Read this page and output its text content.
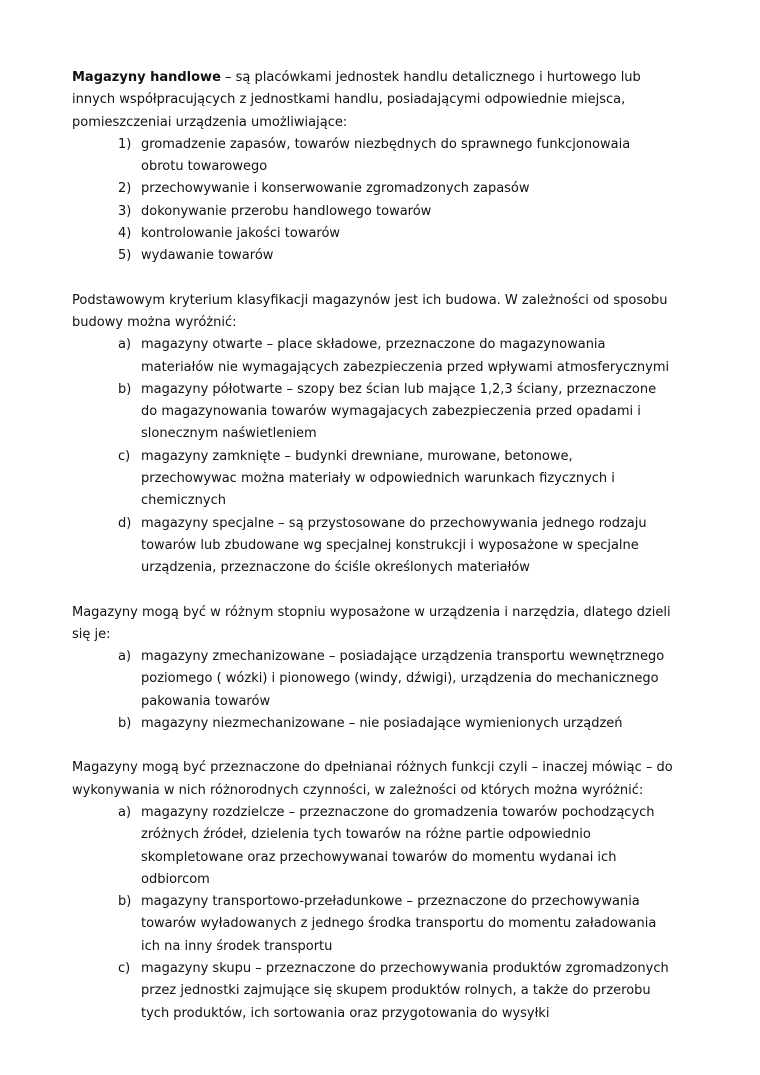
Magazyny handlowe – są placówkami jednostek handlu detalicznego i hurtowego lub innych współpracujących z jednostkami handlu, posiadającymi odpowiednie miejsca, pomieszczeniai urządzenia umożliwiające:

1) gromadzenie zapasów, towarów niezbędnych do sprawnego funkcjonowaia obrotu towarowego
2) przechowywanie i konserwowanie zgromadzonych zapasów
3) dokonywanie przerobu handlowego towarów
4) kontrolowanie jakości towarów
5) wydawanie towarów

Podstawowym kryterium klasyfikacji magazynów jest ich budowa. W zależności od sposobu budowy można wyróżnić:

a) magazyny otwarte – place składowe, przeznaczone do magazynowania materiałów nie wymagających zabezpieczenia przed wpływami atmosferycznymi
b) magazyny półotwarte – szopy bez ścian lub mające 1,2,3 ściany, przeznaczone do magazynowania towarów wymagajacych zabezpieczenia przed opadami i slonecznym naświetleniem
c) magazyny zamknięte – budynki drewniane, murowane, betonowe, przechowywac można materiały w odpowiednich warunkach fizycznych i chemicznych
d) magazyny specjalne – są przystosowane do przechowywania jednego rodzaju towarów lub zbudowane wg specjalnej konstrukcji i wyposażone w specjalne urządzenia, przeznaczone do ściśle określonych materiałów

Magazyny mogą być w różnym stopniu wyposażone w urządzenia i narzędzia, dlatego dzieli się je:

a) magazyny zmechanizowane – posiadające urządzenia transportu wewnętrznego poziomego ( wózki) i pionowego (windy, dźwigi), urządzenia do mechanicznego pakowania towarów
b) magazyny niezmechanizowane – nie posiadające wymienionych urządzeń

Magazyny mogą być przeznaczone do dpełnianai różnych funkcji czyli – inaczej mówiąc – do wykonywania w nich różnorodnych czynności, w zależności od których można wyróżnić:

a) magazyny rozdzielcze – przeznaczone do gromadzenia towarów pochodzących zróżnych źródeł, dzielenia tych towarów na różne partie odpowiednio skompletowane oraz przechowywanai towarów do momentu wydanai ich odbiorcom
b) magazyny transportowo-przeładunkowe – przeznaczone do przechowywania towarów wyładowanych z jednego środka transportu do momentu załadowania ich na inny środek transportu
c) magazyny skupu – przeznaczone do przechowywania produktów zgromadzonych przez jednostki zajmujące się skupem produktów rolnych, a także do przerobu tych produktów, ich sortowania oraz przygotowania do wysyłki
